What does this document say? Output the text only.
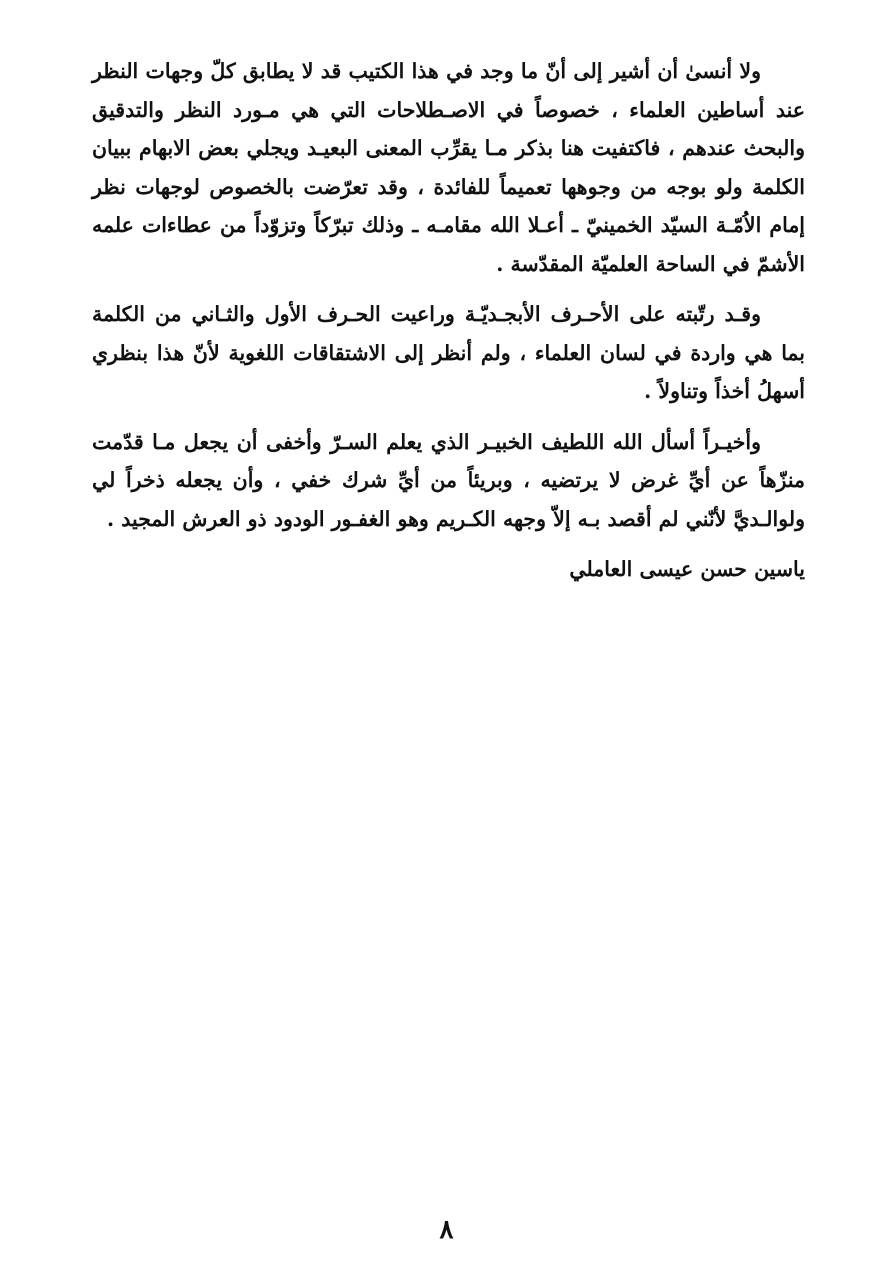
ولا أنسىٰ أن أشير إلى أنّ ما وجد في هذا الكتيب قد لا يطابق كلّ وجهات النظر عند أساطين العلماء ، خصوصاً في الاصـطلاحات التي هي مـورد النظر والتدقيق والبحث عندهم ، فاكتفيت هنا بذكر مـا يقرِّب المعنى البعيـد ويجلي بعض الابهام ببيان الكلمة ولو بوجه من وجوهها تعميماً للفائدة ، وقد تعرّضت بالخصوص لوجهات نظر إمام الاُمّـة السيّد الخمينيّ ـ أعـلا الله مقامـه ـ وذلك تبرّكاً وتزوّداً من عطاءات علمه الأشمّ في الساحة العلميّة المقدّسة .

وقـد رتّبته على الأحـرف الأبجـديّـة وراعيت الحـرف الأول والثـاني من الكلمة بما هي واردة في لسان العلماء ، ولم أنظر إلى الاشتقاقات اللغوية لأنّ هذا بنظري أسهلُ أخذاً وتناولاً .

وأخيـراً أسأل الله اللطيف الخبيـر الذي يعلم السـرّ وأخفى أن يجعل مـا قدّمت منزّهاً عن أيِّ غرض لا يرتضيه ، وبريئاً من أيِّ شرك خفي ، وأن يجعله ذخراً لي ولوالـديَّ لأنّني لم أقصد بـه إلاّ وجهه الكـريم وهو الغفـور الودود ذو العرش المجيد .

ياسين حسن عيسى العاملي

٨
